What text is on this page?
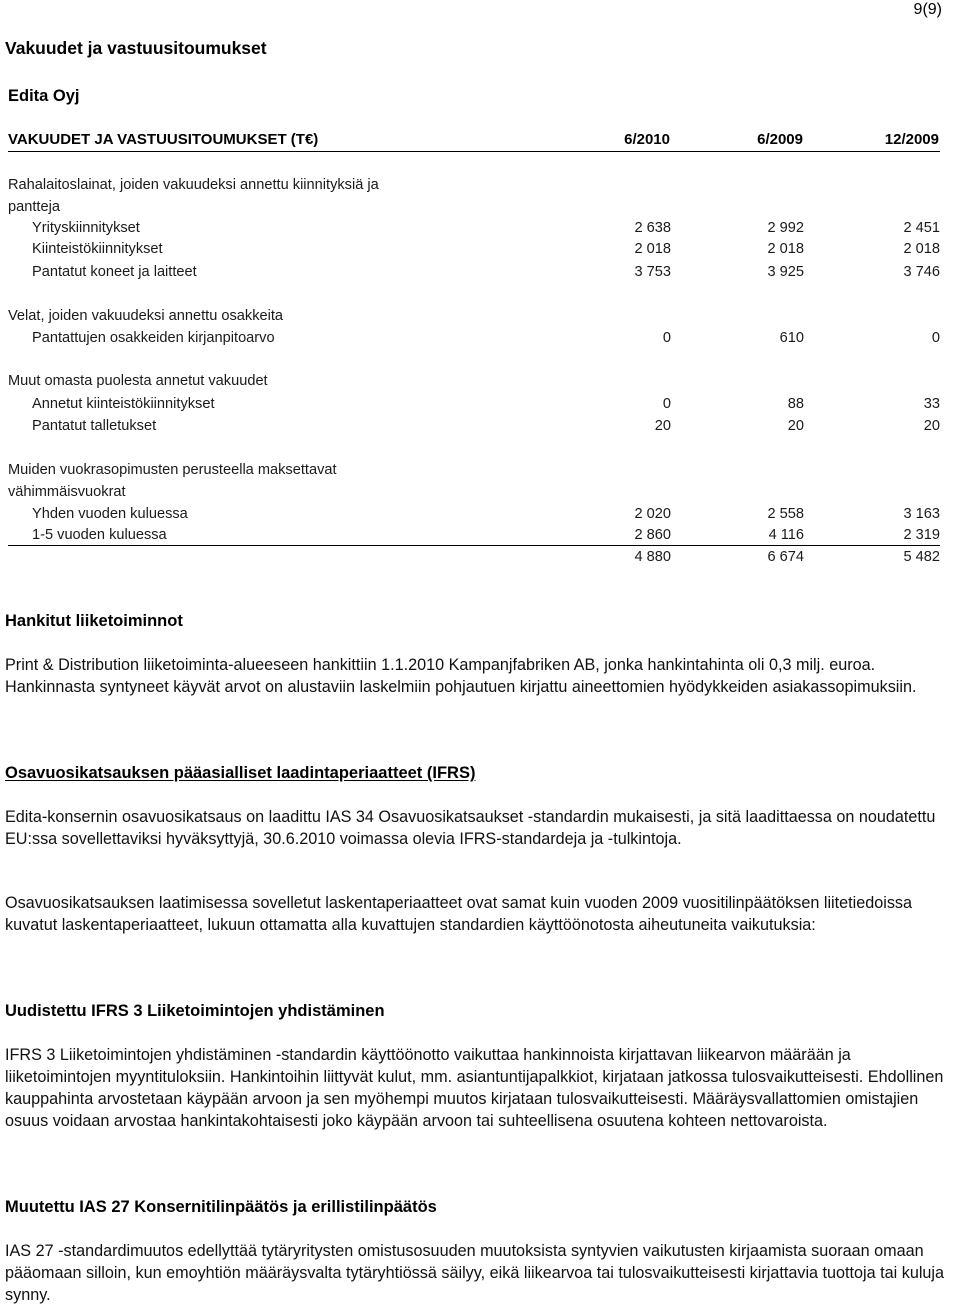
9(9)
Vakuudet ja vastuusitoumukset
Edita Oyj
VAKUUDET JA VASTUUSITOUMUKSET (T€)	6/2010	6/2009	12/2009
Rahalaitoslainat, joiden vakuudeksi annettu kiinnityksiä ja
pantteja
Yrityskiinnitykset	2 638	2 992	2 451
Kiinteistökiinnitykset	2 018	2 018	2 018
Pantatut koneet ja laitteet	3 753	3 925	3 746
Velat, joiden vakuudeksi annettu osakkeita
Pantattujen osakkeiden kirjanpitoarvo	0	610	0
Muut omasta puolesta annetut vakuudet
Annetut kiinteistökiinnitykset	0	88	33
Pantatut talletukset	20	20	20
Muiden vuokrasopimusten perusteella maksettavat
vähimmäisvuokrat
Yhden vuoden kuluessa	2 020	2 558	3 163
1-5 vuoden kuluessa	2 860	4 116	2 319
4 880	6 674	5 482
Hankitut liiketoiminnot
Print & Distribution liiketoiminta-alueeseen hankittiin 1.1.2010 Kampanjfabriken AB, jonka hankintahinta oli 0,3 milj. euroa. Hankinnasta syntyneet käyvät arvot on alustaviin laskelmiin pohjautuen kirjattu aineettomien hyödykkeiden asiakassopimuksiin.
Osavuosikatsauksen pääasialliset laadintaperiaatteet (IFRS)
Edita-konsernin osavuosikatsaus on laadittu IAS 34 Osavuosikatsaukset -standardin mukaisesti, ja sitä laadittaessa on noudatettu EU:ssa sovellettaviksi hyväksyttyjä, 30.6.2010 voimassa olevia IFRS-standardeja ja -tulkintoja.
Osavuosikatsauksen laatimisessa sovelletut laskentaperiaatteet ovat samat kuin vuoden 2009 vuositilinpäätöksen liitetiedoissa kuvatut laskentaperiaatteet, lukuun ottamatta alla kuvattujen standardien käyttöönotosta aiheutuneita vaikutuksia:
Uudistettu IFRS 3 Liiketoimintojen yhdistäminen
IFRS 3 Liiketoimintojen yhdistäminen -standardin käyttöönotto vaikuttaa hankinnoista kirjattavan liikearvon määrään ja liiketoimintojen myyntituloksiin. Hankintoihin liittyvät kulut, mm. asiantuntijapalkkiot, kirjataan jatkossa tulosvaikutteisesti. Ehdollinen kauppahinta arvostetaan käypään arvoon ja sen myöhempi muutos kirjataan tulosvaikutteisesti. Määräysvallattomien omistajien osuus voidaan arvostaa hankintakohtaisesti joko käypään arvoon tai suhteellisena osuutena kohteen nettovaroista.
Muutettu IAS 27 Konsernitilinpäätös ja erillistilinpäätös
IAS 27 -standardimuutos edellyttää tytäryritysten omistusosuuden muutoksista syntyvien vaikutusten kirjaamista suoraan omaan pääomaan silloin, kun emoyhtiön määräysvalta tytäryhtiössä säilyy, eikä liikearvoa tai tulosvaikutteisesti kirjattavia tuottoja tai kuluja synny.
